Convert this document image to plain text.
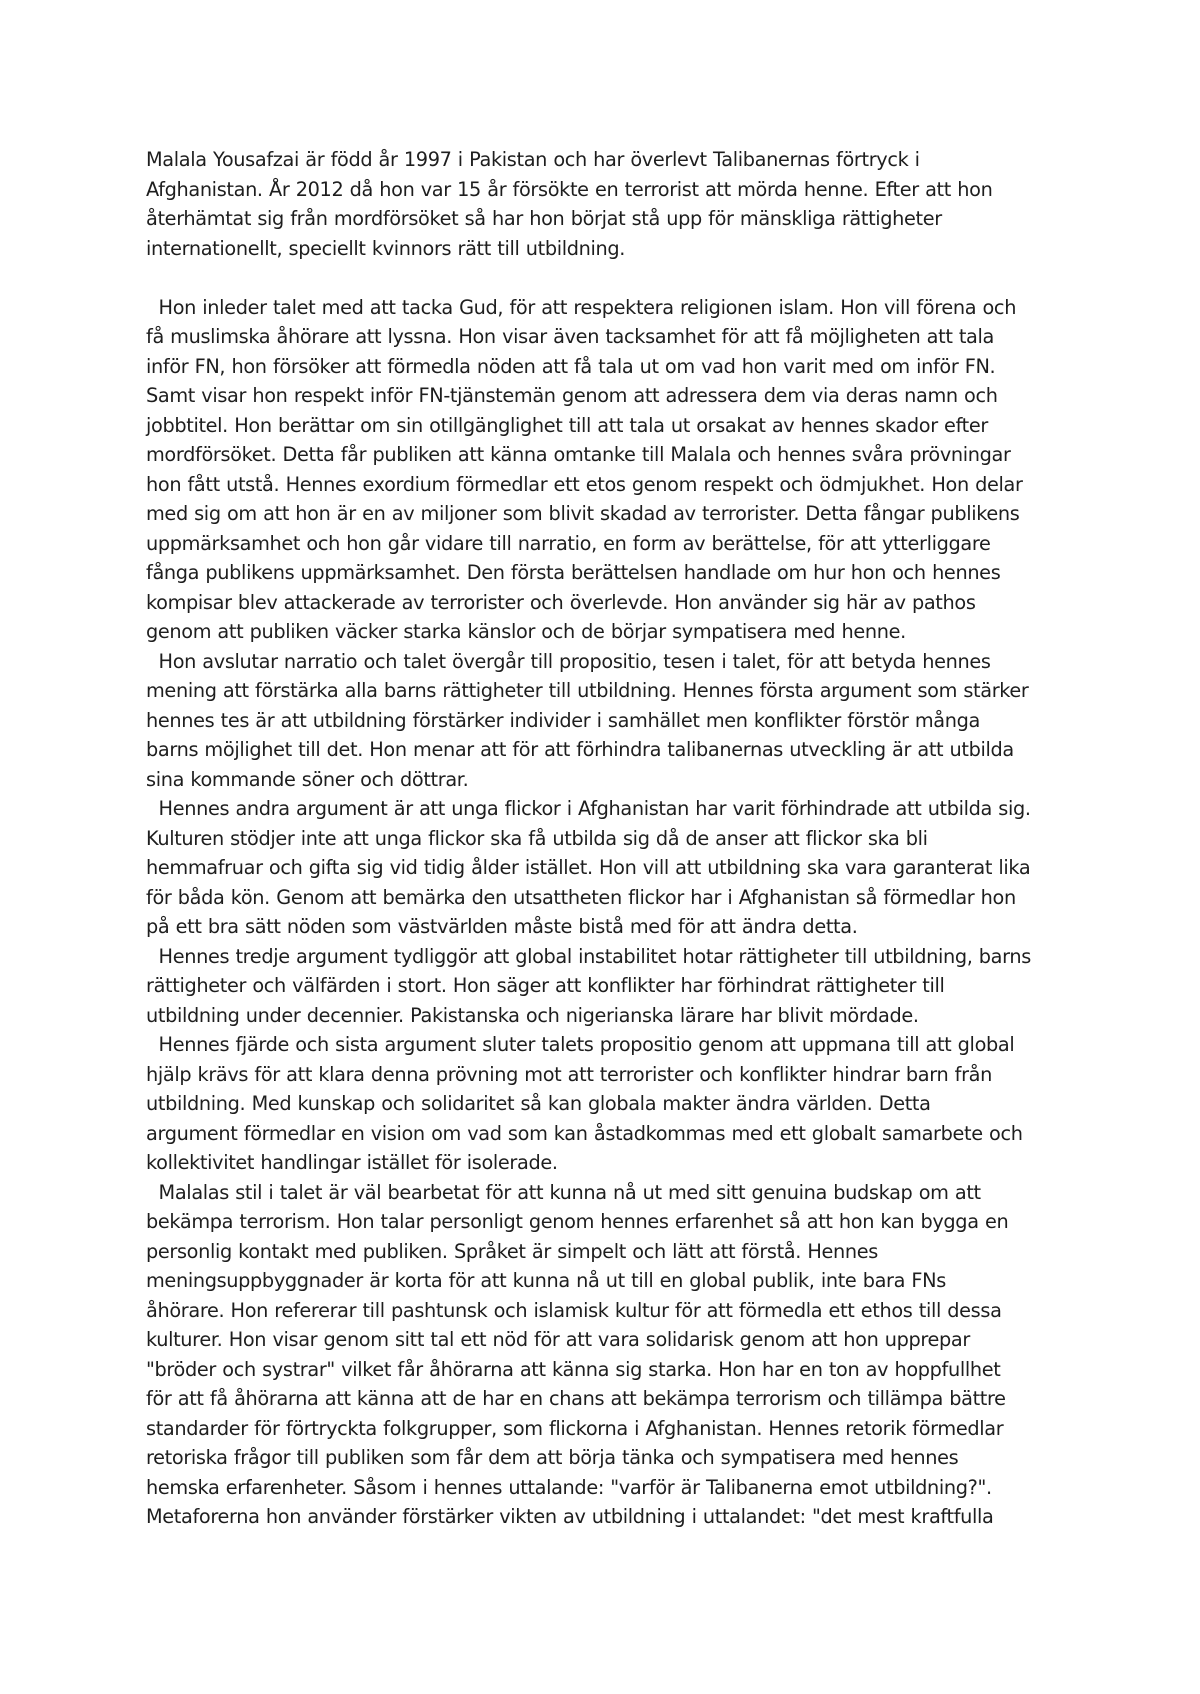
Malala Yousafzai är född år 1997 i Pakistan och har överlevt Talibanernas förtryck i
Afghanistan. År 2012 då hon var 15 år försökte en terrorist att mörda henne. Efter att hon
återhämtat sig från mordförsöket så har hon börjat stå upp för mänskliga rättigheter
internationellt, speciellt kvinnors rätt till utbildning.
Hon inleder talet med att tacka Gud, för att respektera religionen islam. Hon vill förena och
få muslimska åhörare att lyssna. Hon visar även tacksamhet för att få möjligheten att tala
inför FN, hon försöker att förmedla nöden att få tala ut om vad hon varit med om inför FN.
Samt visar hon respekt inför FN-tjänstemän genom att adressera dem via deras namn och
jobbtitel. Hon berättar om sin otillgänglighet till att tala ut orsakat av hennes skador efter
mordförsöket. Detta får publiken att känna omtanke till Malala och hennes svåra prövningar
hon fått utstå. Hennes exordium förmedlar ett etos genom respekt och ödmjukhet. Hon delar
med sig om att hon är en av miljoner som blivit skadad av terrorister. Detta fångar publikens
uppmärksamhet och hon går vidare till narratio, en form av berättelse, för att ytterliggare
fånga publikens uppmärksamhet. Den första berättelsen handlade om hur hon och hennes
kompisar blev attackerade av terrorister och överlevde. Hon använder sig här av pathos
genom att publiken väcker starka känslor och de börjar sympatisera med henne.
Hon avslutar narratio och talet övergår till propositio, tesen i talet, för att betyda hennes
mening att förstärka alla barns rättigheter till utbildning. Hennes första argument som stärker
hennes tes är att utbildning förstärker individer i samhället men konflikter förstör många
barns möjlighet till det. Hon menar att för att förhindra talibanernas utveckling är att utbilda
sina kommande söner och döttrar.
Hennes andra argument är att unga flickor i Afghanistan har varit förhindrade att utbilda sig.
Kulturen stödjer inte att unga flickor ska få utbilda sig då de anser att flickor ska bli
hemmafruar och gifta sig vid tidig ålder istället. Hon vill att utbildning ska vara garanterat lika
för båda kön. Genom att bemärka den utsattheten flickor har i Afghanistan så förmedlar hon
på ett bra sätt nöden som västvärlden måste bistå med för att ändra detta.
Hennes tredje argument tydliggör att global instabilitet hotar rättigheter till utbildning, barns
rättigheter och välfärden i stort. Hon säger att konflikter har förhindrat rättigheter till
utbildning under decennier. Pakistanska och nigerianska lärare har blivit mördade.
Hennes fjärde och sista argument sluter talets propositio genom att uppmana till att global
hjälp krävs för att klara denna prövning mot att terrorister och konflikter hindrar barn från
utbildning. Med kunskap och solidaritet så kan globala makter ändra världen. Detta
argument förmedlar en vision om vad som kan åstadkommas med ett globalt samarbete och
kollektivitet handlingar istället för isolerade.
Malalas stil i talet är väl bearbetat för att kunna nå ut med sitt genuina budskap om att
bekämpa terrorism. Hon talar personligt genom hennes erfarenhet så att hon kan bygga en
personlig kontakt med publiken. Språket är simpelt och lätt att förstå. Hennes
meningsuppbyggnader är korta för att kunna nå ut till en global publik, inte bara FNs
åhörare. Hon refererar till pashtunsk och islamisk kultur för att förmedla ett ethos till dessa
kulturer. Hon visar genom sitt tal ett nöd för att vara solidarisk genom att hon upprepar
"bröder och systrar" vilket får åhörarna att känna sig starka. Hon har en ton av hoppfullhet
för att få åhörarna att känna att de har en chans att bekämpa terrorism och tillämpa bättre
standarder för förtryckta folkgrupper, som flickorna i Afghanistan. Hennes retorik förmedlar
retoriska frågor till publiken som får dem att börja tänka och sympatisera med hennes
hemska erfarenheter. Såsom i hennes uttalande: "varför är Talibanerna emot utbildning?".
Metaforerna hon använder förstärker vikten av utbildning i uttalandet: "det mest kraftfulla
